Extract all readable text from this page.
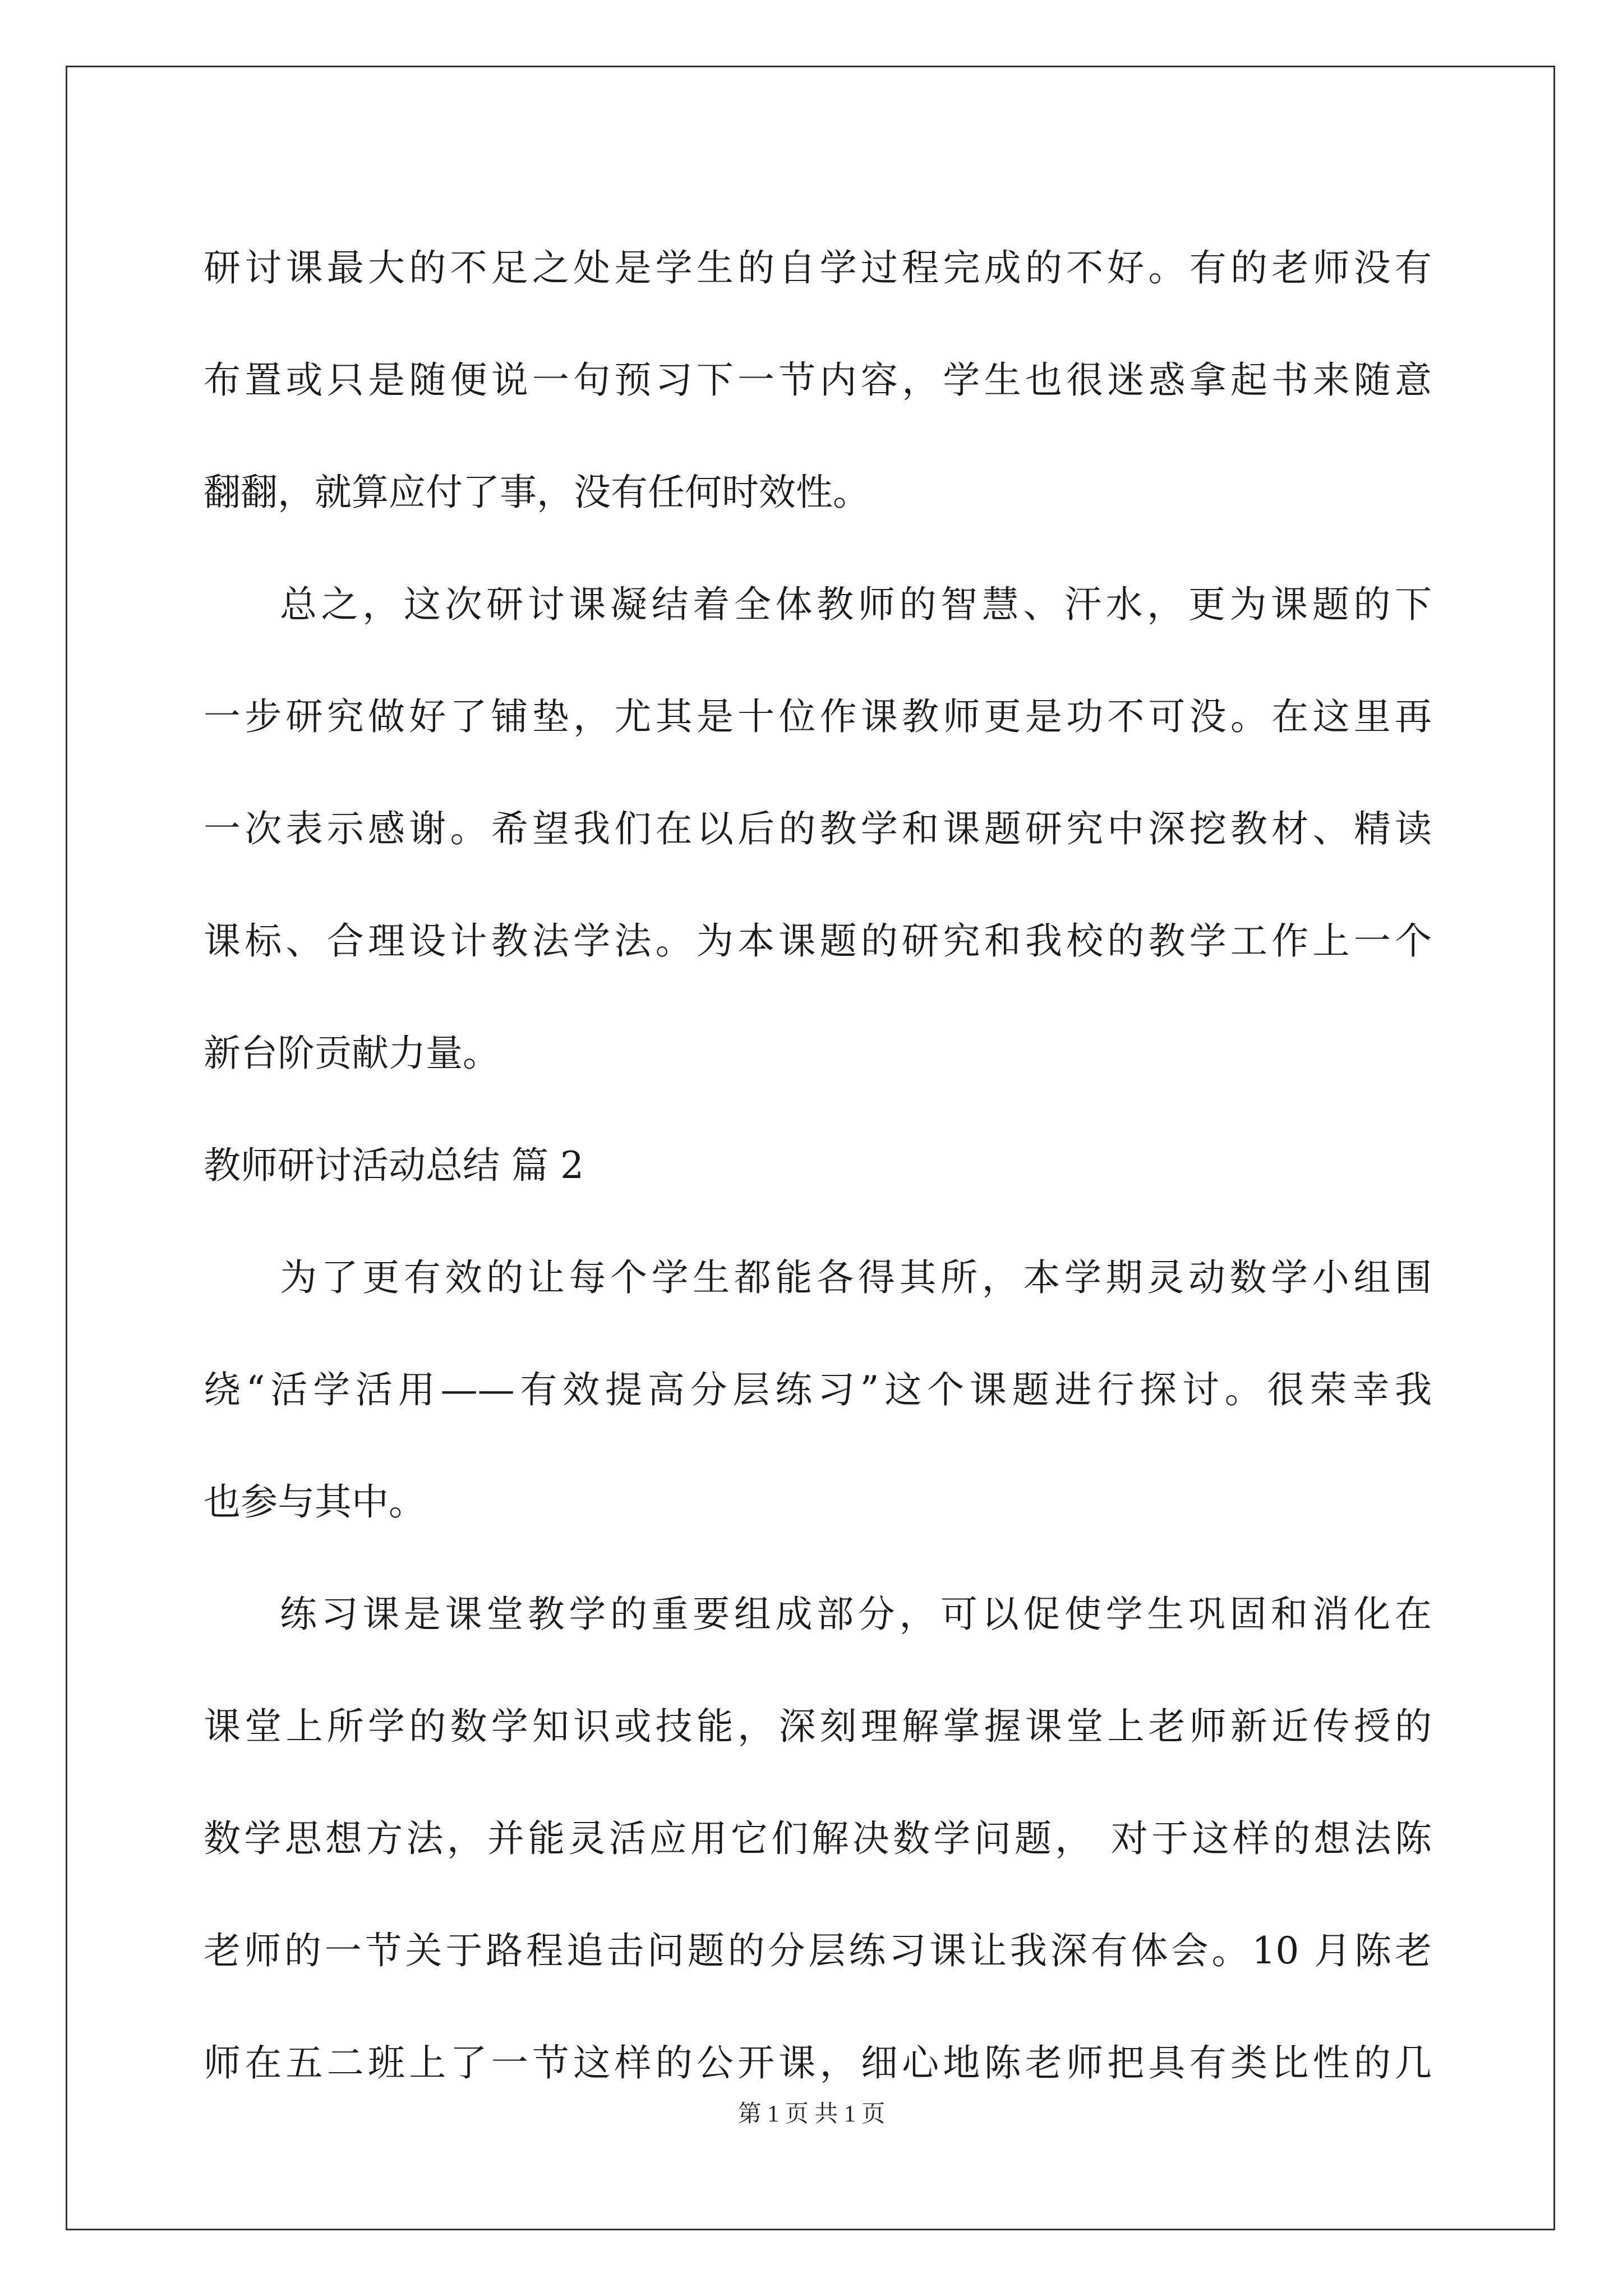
研讨课最大的不足之处是学生的自学过程完成的不好。有的老师没有
布置或只是随便说一句预习下一节内容，学生也很迷惑拿起书来随意
翻翻，就算应付了事，没有任何时效性。
总之，这次研讨课凝结着全体教师的智慧、汗水，更为课题的下
一步研究做好了铺垫，尤其是十位作课教师更是功不可没。在这里再
一次表示感谢。希望我们在以后的教学和课题研究中深挖教材、精读
课标、合理设计教法学法。为本课题的研究和我校的教学工作上一个
新台阶贡献力量。
教师研讨活动总结 篇 2
为了更有效的让每个学生都能各得其所，本学期灵动数学小组围
绕“活学活用——有效提高分层练习”这个课题进行探讨。很荣幸我
也参与其中。
练习课是课堂教学的重要组成部分，可以促使学生巩固和消化在
课堂上所学的数学知识或技能，深刻理解掌握课堂上老师新近传授的
数学思想方法，并能灵活应用它们解决数学问题， 对于这样的想法陈
老师的一节关于路程追击问题的分层练习课让我深有体会。10 月陈老
师在五二班上了一节这样的公开课，细心地陈老师把具有类比性的几
第 1 页 共 1 页
